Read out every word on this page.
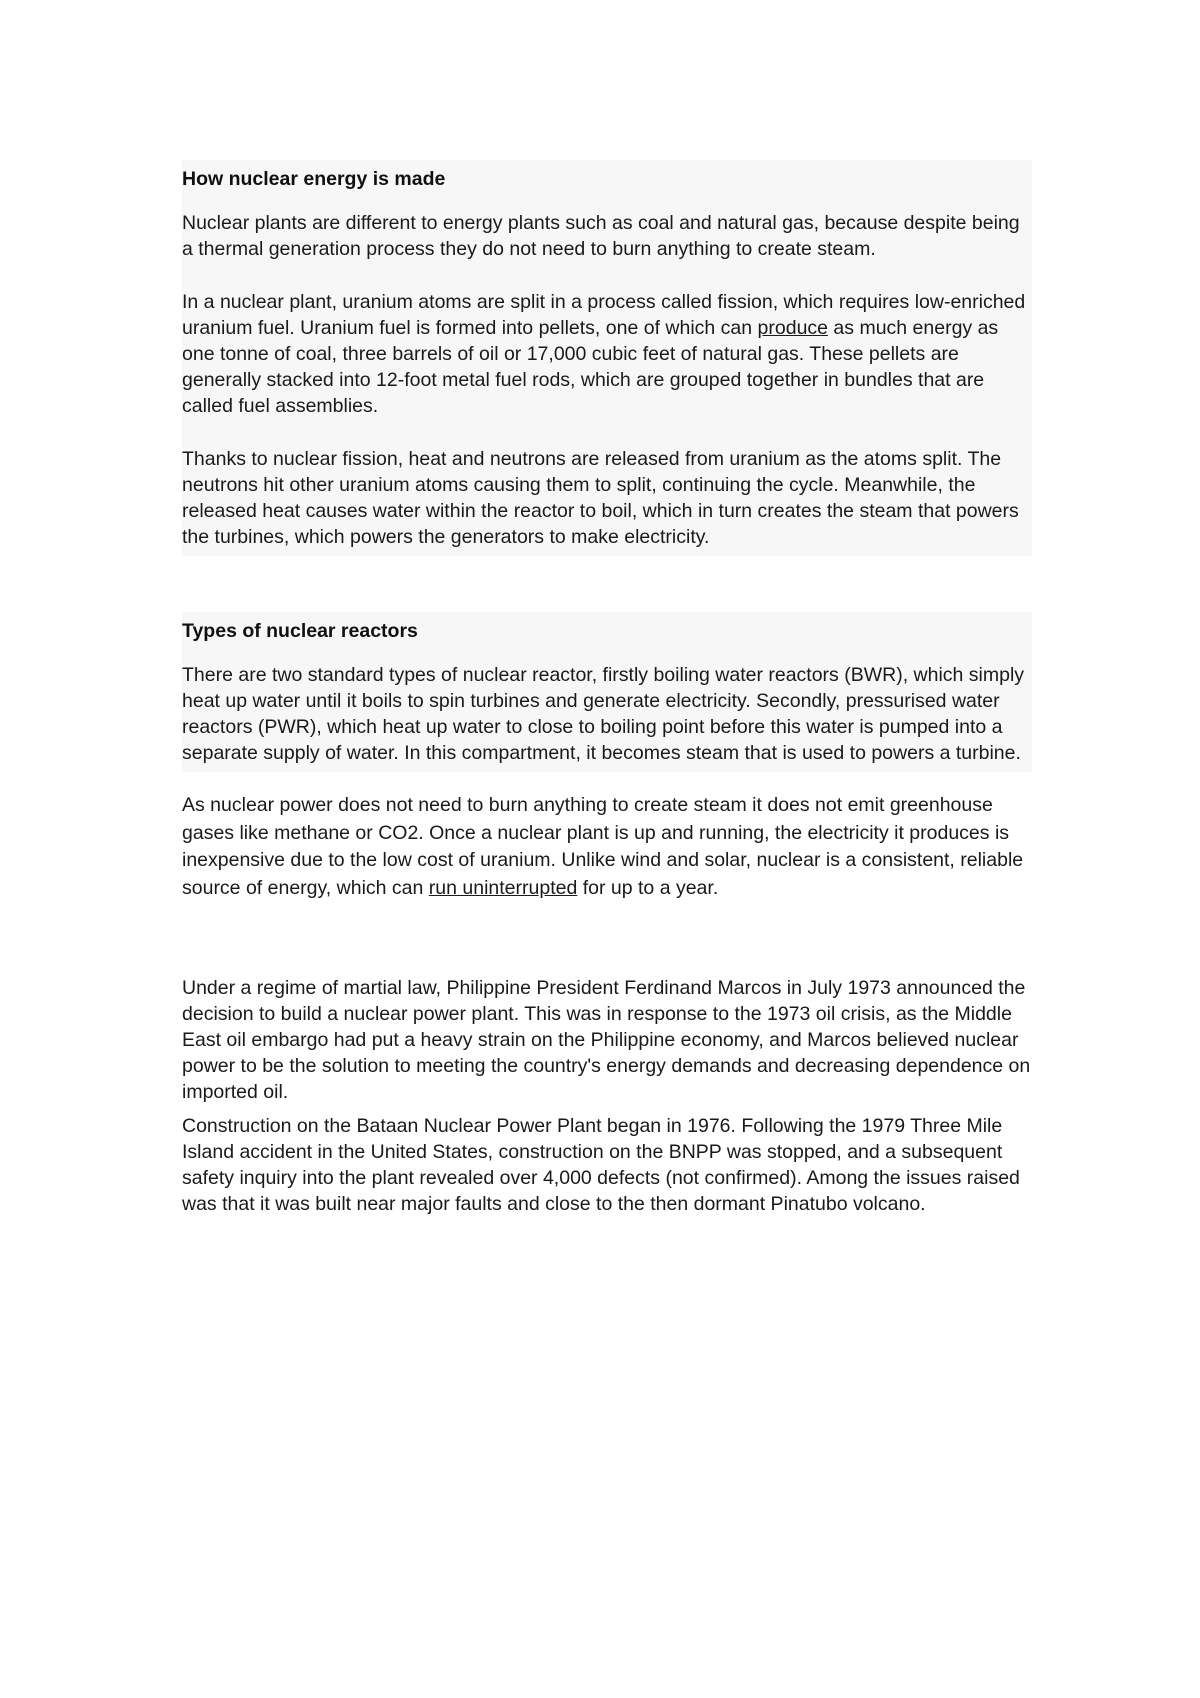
How nuclear energy is made

Nuclear plants are different to energy plants such as coal and natural gas, because despite being a thermal generation process they do not need to burn anything to create steam.

In a nuclear plant, uranium atoms are split in a process called fission, which requires low-enriched uranium fuel. Uranium fuel is formed into pellets, one of which can produce as much energy as one tonne of coal, three barrels of oil or 17,000 cubic feet of natural gas. These pellets are generally stacked into 12-foot metal fuel rods, which are grouped together in bundles that are called fuel assemblies.

Thanks to nuclear fission, heat and neutrons are released from uranium as the atoms split. The neutrons hit other uranium atoms causing them to split, continuing the cycle. Meanwhile, the released heat causes water within the reactor to boil, which in turn creates the steam that powers the turbines, which powers the generators to make electricity.

Types of nuclear reactors

There are two standard types of nuclear reactor, firstly boiling water reactors (BWR), which simply heat up water until it boils to spin turbines and generate electricity. Secondly, pressurised water reactors (PWR), which heat up water to close to boiling point before this water is pumped into a separate supply of water. In this compartment, it becomes steam that is used to powers a turbine.

As nuclear power does not need to burn anything to create steam it does not emit greenhouse gases like methane or CO2. Once a nuclear plant is up and running, the electricity it produces is inexpensive due to the low cost of uranium. Unlike wind and solar, nuclear is a consistent, reliable source of energy, which can run uninterrupted for up to a year.

Under a regime of martial law, Philippine President Ferdinand Marcos in July 1973 announced the decision to build a nuclear power plant. This was in response to the 1973 oil crisis, as the Middle East oil embargo had put a heavy strain on the Philippine economy, and Marcos believed nuclear power to be the solution to meeting the country's energy demands and decreasing dependence on imported oil.

Construction on the Bataan Nuclear Power Plant began in 1976. Following the 1979 Three Mile Island accident in the United States, construction on the BNPP was stopped, and a subsequent safety inquiry into the plant revealed over 4,000 defects (not confirmed). Among the issues raised was that it was built near major faults and close to the then dormant Pinatubo volcano.
